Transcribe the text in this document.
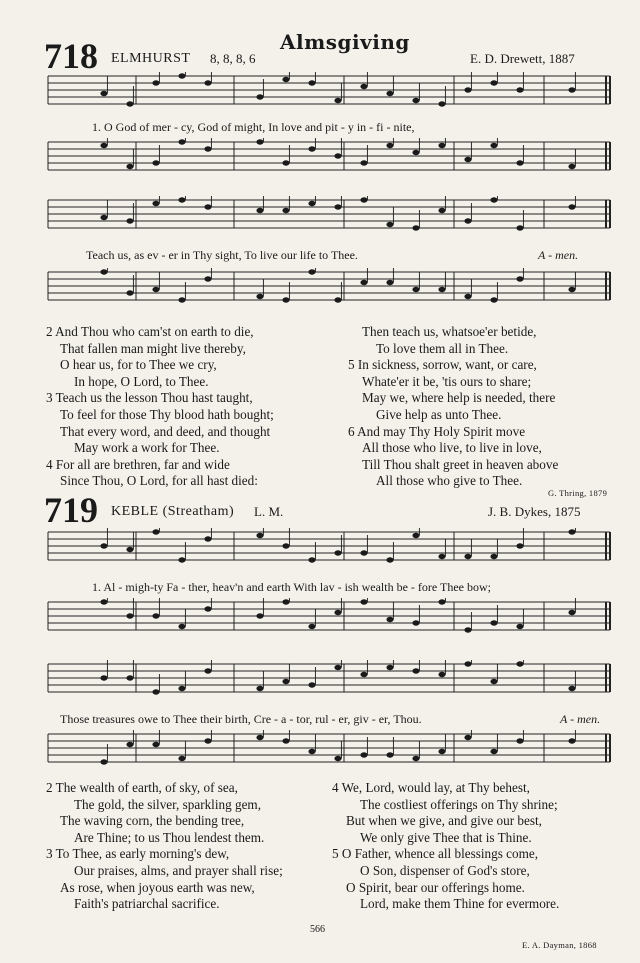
Almsgiving
718 ELMHURST 8, 8, 8, 6	E. D. Drewett, 1887
1. O God of mer - cy, God of might, In love and pit - y in - fi - nite,
Teach us, as ev - er in Thy sight, To live our life to Thee.	A - men.
2 And Thou who cam'st on earth to die,
That fallen man might live thereby,
O hear us, for to Thee we cry,
In hope, O Lord, to Thee.
3 Teach us the lesson Thou hast taught,
To feel for those Thy blood hath bought;
That every word, and deed, and thought
May work a work for Thee.
4 For all are brethren, far and wide
Since Thou, O Lord, for all hast died:
Then teach us, whatsoe'er betide,
To love them all in Thee.
5 In sickness, sorrow, want, or care,
Whate'er it be, 'tis ours to share;
May we, where help is needed, there
Give help as unto Thee.
6 And may Thy Holy Spirit move
All those who live, to live in love,
Till Thou shalt greet in heaven above
All those who give to Thee.
G. Thring, 1879
719 KEBLE (Streatham) L. M.	J. B. Dykes, 1875
1. Al - migh-ty Fa - ther, heav'n and earth With lav - ish wealth be - fore Thee bow;
Those treasures owe to Thee their birth, Cre - a - tor, rul - er, giv - er, Thou.	A - men.
2 The wealth of earth, of sky, of sea,
The gold, the silver, sparkling gem,
The waving corn, the bending tree,
Are Thine; to us Thou lendest them.
3 To Thee, as early morning's dew,
Our praises, alms, and prayer shall rise;
As rose, when joyous earth was new,
Faith's patriarchal sacrifice.
4 We, Lord, would lay, at Thy behest,
The costliest offerings on Thy shrine;
But when we give, and give our best,
We only give Thee that is Thine.
5 O Father, whence all blessings come,
O Son, dispenser of God's store,
O Spirit, bear our offerings home.
Lord, make them Thine for evermore.
E. A. Dayman, 1868
566
